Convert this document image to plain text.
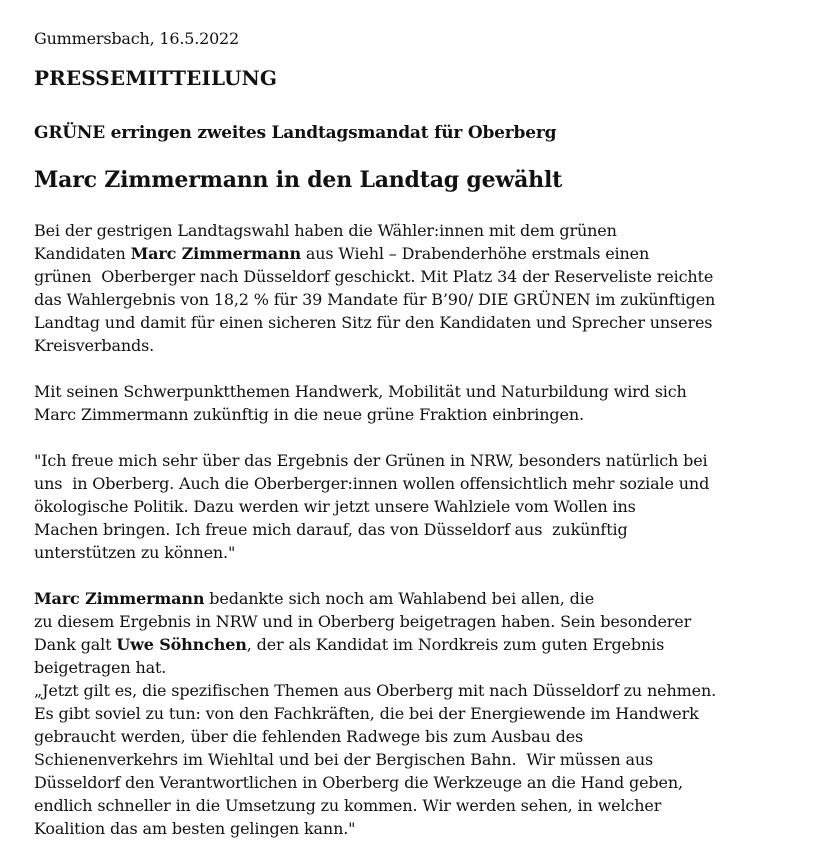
Gummersbach, 16.5.2022
PRESSEMITTEILUNG
GRÜNE erringen zweites Landtagsmandat für Oberberg
Marc Zimmermann in den Landtag gewählt
Bei der gestrigen Landtagswahl haben die Wähler:innen mit dem grünen
Kandidaten Marc Zimmermann aus Wiehl – Drabenderhöhe erstmals einen
grünen  Oberberger nach Düsseldorf geschickt. Mit Platz 34 der Reserveliste reichte
das Wahlergebnis von 18,2 % für 39 Mandate für B’90/ DIE GRÜNEN im zukünftigen
Landtag und damit für einen sicheren Sitz für den Kandidaten und Sprecher unseres
Kreisverbands.
Mit seinen Schwerpunktthemen Handwerk, Mobilität und Naturbildung wird sich
Marc Zimmermann zukünftig in die neue grüne Fraktion einbringen.
"Ich freue mich sehr über das Ergebnis der Grünen in NRW, besonders natürlich bei
uns  in Oberberg. Auch die Oberberger:innen wollen offensichtlich mehr soziale und
ökologische Politik. Dazu werden wir jetzt unsere Wahlziele vom Wollen ins
Machen bringen. Ich freue mich darauf, das von Düsseldorf aus  zukünftig
unterstützen zu können."
Marc Zimmermann bedankte sich noch am Wahlabend bei allen, die
zu diesem Ergebnis in NRW und in Oberberg beigetragen haben. Sein besonderer
Dank galt Uwe Söhnchen, der als Kandidat im Nordkreis zum guten Ergebnis
beigetragen hat.
„Jetzt gilt es, die spezifischen Themen aus Oberberg mit nach Düsseldorf zu nehmen.
Es gibt soviel zu tun: von den Fachkräften, die bei der Energiewende im Handwerk
gebraucht werden, über die fehlenden Radwege bis zum Ausbau des
Schienenverkehrs im Wiehltal und bei der Bergischen Bahn.  Wir müssen aus
Düsseldorf den Verantwortlichen in Oberberg die Werkzeuge an die Hand geben,
endlich schneller in die Umsetzung zu kommen. Wir werden sehen, in welcher
Koalition das am besten gelingen kann."
